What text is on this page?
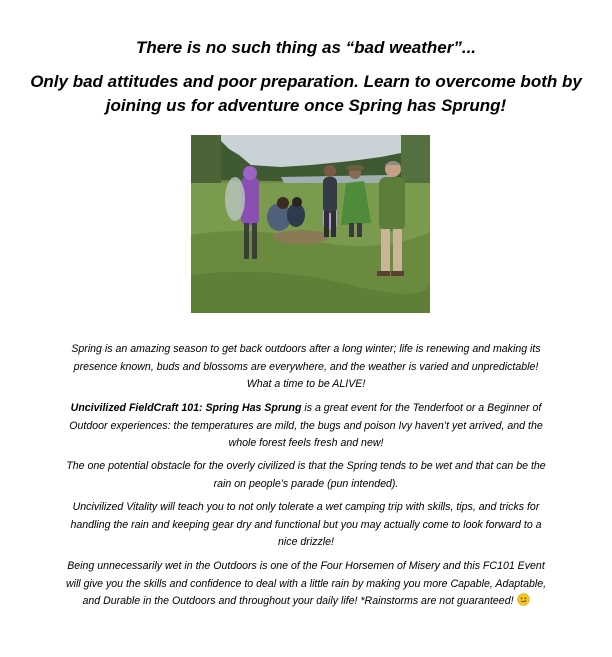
There is no such thing as “bad weather”...
Only bad attitudes and poor preparation. Learn to overcome both by joining us for adventure once Spring has Sprung!
Spring is an amazing season to get back outdoors after a long winter; life is renewing and making its presence known, buds and blossoms are everywhere, and the weather is varied and unpredictable! What a time to be ALIVE!
Uncivilized FieldCraft 101: Spring Has Sprung is a great event for the Tenderfoot or a Beginner of Outdoor experiences: the temperatures are mild, the bugs and poison Ivy haven’t yet arrived, and the whole forest feels fresh and new!
The one potential obstacle for the overly civilized is that the Spring tends to be wet and that can be the rain on people’s parade (pun intended).
Uncivilized Vitality will teach you to not only tolerate a wet camping trip with skills, tips, and tricks for handling the rain and keeping gear dry and functional but you may actually come to look forward to a nice drizzle!
Being unnecessarily wet in the Outdoors is one of the Four Horsemen of Misery and this FC101 Event will give you the skills and confidence to deal with a little rain by making you more Capable, Adaptable, and Durable in the Outdoors and throughout your daily life! *Rainstorms are not guaranteed!
